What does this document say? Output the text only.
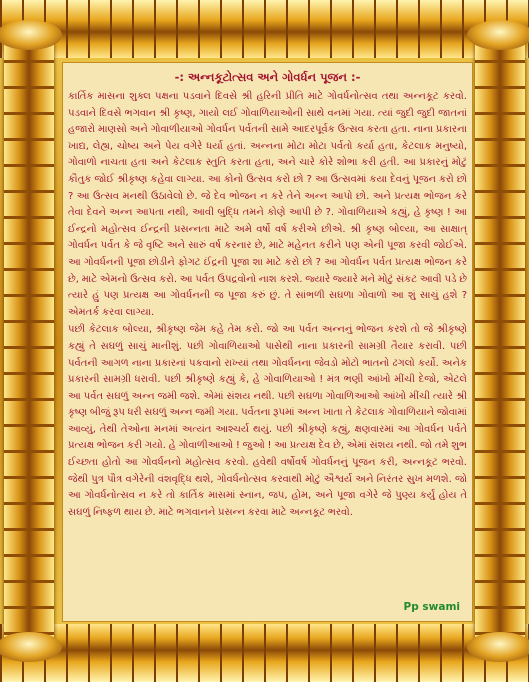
-: અન્નકૂટોત્સવ અને ગોવર્ધન પૂજન :-

કાર્તિક માસના શુક્લ પક્ષના પડવાને દિવસે શ્રી હરિની પ્રીતિ માટે ગોવર્ધનોત્સવ તથા અન્નકૂટ કરવો. પડવાને દિવસે ભગવાન શ્રી કૃષ્ણ, ગાયો લઈ ગોવાળિયાઓની સાથે વનમાં ગયા. ત્યાં જુદી જુદી જાતનાં હજારો માણસો અને ગોવાળીયાઓ ગોવર્ધન પર્વતની સામે આદરપૂર્વક ઉત્સવ કરતા હતા. નાના પ્રકારના ખાદ્ય, લેહ્ય, ચોષ્ય અને પેય વગેરે ધર્યા હતાં. અન્નના મોટા મોટા પર્વતો કર્યા હતા, કેટલાક મનુષ્યો, ગોવાળો નાચતા હતા અને કેટલાક સ્તુતિ કરતા હતા, અને ચારે કોરે શોભા કરી હતી. આ પ્રકારનું મોટું કૌતુક જોઈ શ્રીકૃષ્ણ કહેવા લાગ્યા. આ કોનો ઉત્સવ કરો છો ? આ ઉત્સવમાં કયા દેવનું પૂજન કરો છો ? આ ઉત્સવ મનથી ઉઠાવેલો છે. જે દેવ ભોજન ન કરે તેને અન્ન આપો છો. અને પ્રત્યક્ષ ભોજન કરે તેવા દેવને અન્ન આપતા નથી, આવી બુદ્ધિ તમને કોણે આપી છે ?. ગોવાળિયાએ કહ્યું, હે કૃષ્ણ ! આ ઈન્દ્રનો મહોત્સવ ઈન્દ્રની પ્રસન્નતા માટે અમે વર્ષો વર્ષ કરીએ છીએ. શ્રી કૃષ્ણ બોલ્યા, આ સાક્ષાત્ ગોવર્ધન પર્વત કે જે વૃષ્ટિ અને સારું વર્ષ કરનાર છે, માટે મહેનત કરીને પણ એની પૂજા કરવી જોઈએ. આ ગોવર્ધનની પૂજા છોડીને ફોગટ ઈંદ્રની પૂજા શા માટે કરો છો ? આ ગોવર્ધન પર્વત પ્રત્યક્ષ ભોજન કરે છે, માટે એમનો ઉત્સવ કરો. આ પર્વત ઉપદ્રવોનો નાશ કરશે. જ્યારે જ્યારે મને મોટું સંકટ આવી પડે છે ત્યારે હું પણ પ્રત્યક્ષ આ ગોવર્ધનની જ પૂજા કરું છું. તે સાંભળી સઘળા ગોવાળો આ શું સાચું હશે ? એમતર્ક કરવા લાગ્યા.

પછી કેટલાક બોલ્યા, શ્રીકૃષ્ણ જેમ કહે તેમ કરો. જો આ પર્વત અન્નનું ભોજન કરશે તો જે શ્રીકૃષ્ણે કહ્યું તે સઘળું સાચું માનીશું. પછી ગોવાળિયાઓ પાસેથી નાના પ્રકારની સામગ્રી તૈયાર કરાવી. પછી પર્વતની આગળ નાના પ્રકારનાં પકવાનો રાખ્યાં તથા ગોવર્ધનના જેવડો મોટો ભાતનો ઢગલો કર્યો. અનેક પ્રકારની સામગ્રી ધરાવી. પછી શ્રીકૃષ્ણે કહ્યું કે, હે ગોવાળિયાઓ ! મંત્ર ભણી આંખો મીંચી દેજો, એટલે આ પર્વત સઘળું અન્ન જમી જશે. એમાં સંશય નથી. પછી સઘળા ગોવાળિઆઓ આંખો મીંચી ત્યારે શ્રી કૃષ્ણ બીજું રૂપ ધરી સઘળું અન્ન જમી ગયા. પર્વતના રૂપમાં અન્ન ખાતા તે કેટલાક ગોવાળિયાને જોવામાં આવ્યું, તેથી તેઓના મનમાં અત્યંત આશ્ચર્ય થયું. પછી શ્રીકૃષ્ણે કહ્યું, ક્ષણવારમાં આ ગોવર્ધન પર્વતે પ્રત્યક્ષ ભોજન કરી ગયો. હે ગોવાળીઆઓ ! જુઓ ! આ પ્રત્યક્ષ દેવ છે, એમાં સંશય નથી. જો તમે શુભ ઈચ્છતા હોતો આ ગોવર્ધનનો મહોત્સવ કરવો. હવેથી વર્ષોવર્ષ ગોવર્ધનનું પૂજન કરી, અન્નકૂટ ભરવો. જેથી પુત્ર પૌત્ર વગેરેની વંશવૃદ્ધિ થશે, ગોવર્ધનોત્સવ કરવાથી મોટું ઐશ્વર્ય અને નિરંતર સુખ મળશે. જો આ ગોવર્ધનોત્સવ ન કરે તો કાર્તિક માસમાં સ્નાન, જપ, હોમ, અને પૂજા વગેરે જે પુણ્ય કર્યું હોય તે સઘળું નિષ્ફળ થાય છે. માટે ભગવાનને પ્રસન્ન કરવા માટે અન્નકૂટ ભરવો.

Pp swami
